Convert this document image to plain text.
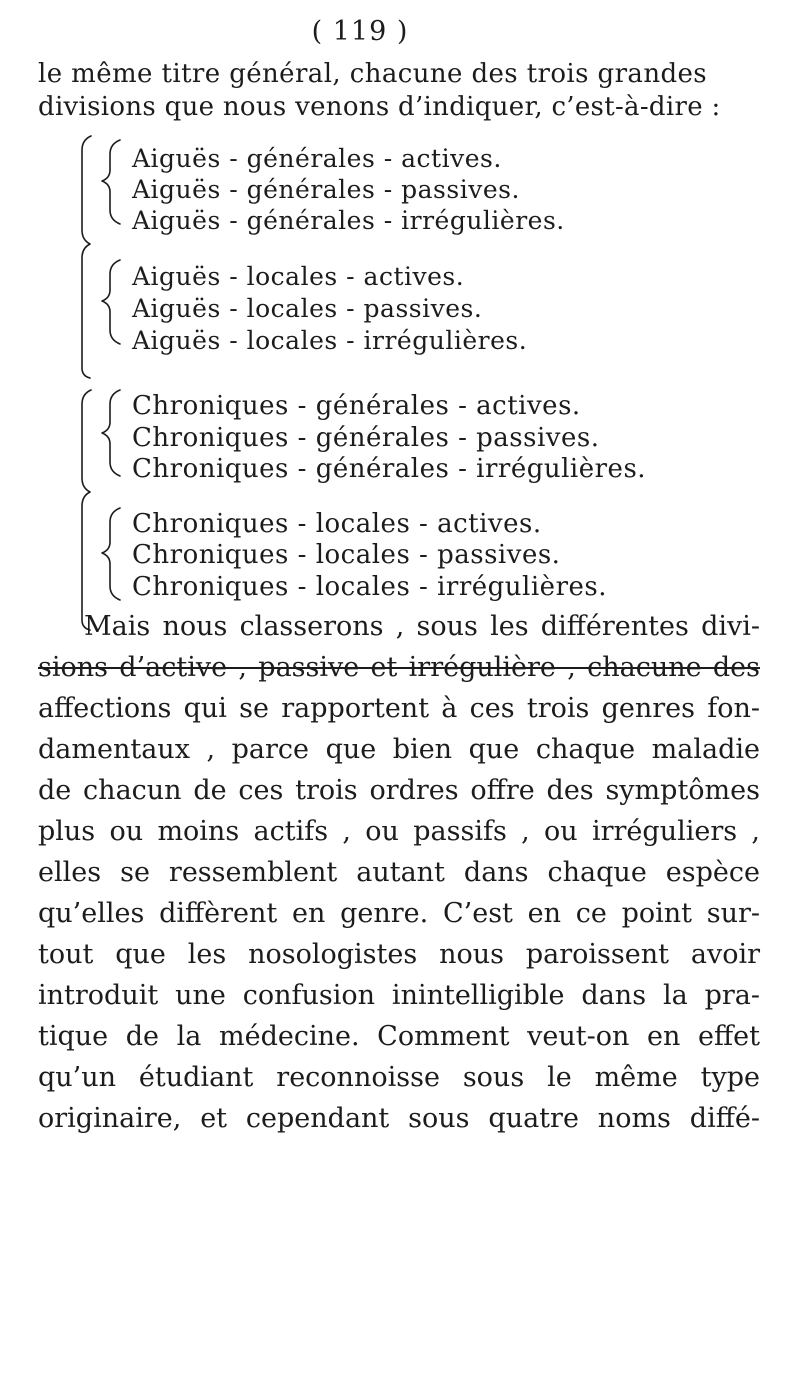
( 119 )
le même titre général, chacune des trois grandes
divisions que nous venons d’indiquer, c’est-à-dire :
Aiguës - générales - actives.
Aiguës - générales - passives.
Aiguës - générales - irrégulières.
Aiguës - locales - actives.
Aiguës - locales - passives.
Aiguës - locales - irrégulières.
Chroniques - générales - actives.
Chroniques - générales - passives.
Chroniques - générales - irrégulières.
Chroniques - locales - actives.
Chroniques - locales - passives.
Chroniques - locales - irrégulières.
Mais nous classerons , sous les différentes divi-
sions d’active , passive et irrégulière , chacune des
affections qui se rapportent à ces trois genres fon-
damentaux , parce que bien que chaque maladie
de chacun de ces trois ordres offre des symptômes
plus ou moins actifs , ou passifs , ou irréguliers ,
elles se ressemblent autant dans chaque espèce
qu’elles diffèrent en genre. C’est en ce point sur-
tout que les nosologistes nous paroissent avoir
introduit une confusion inintelligible dans la pra-
tique de la médecine. Comment veut-on en effet
qu’un étudiant reconnoisse sous le même type
originaire, et cependant sous quatre noms diffé-
